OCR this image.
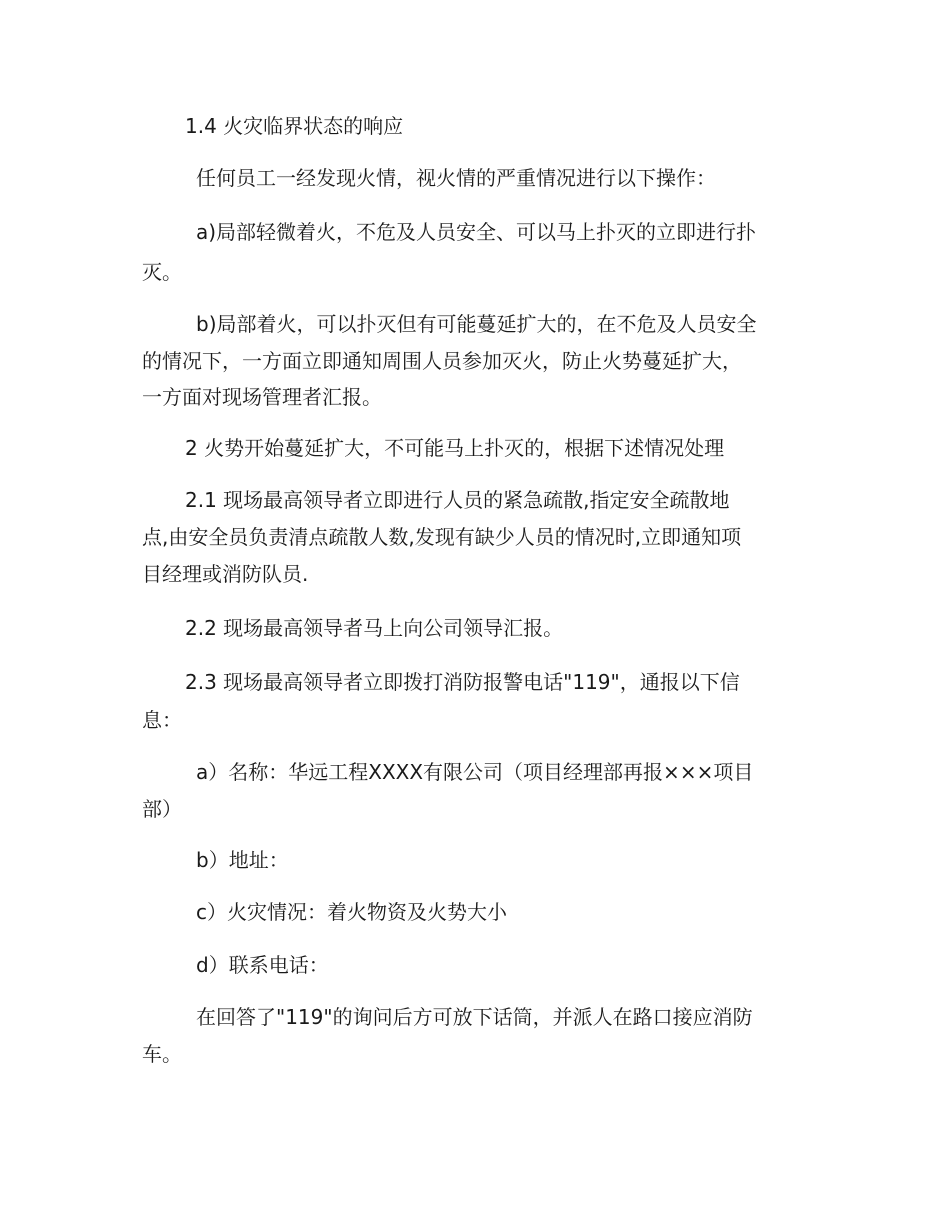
1.4 火灾临界状态的响应
任何员工一经发现火情，视火情的严重情况进行以下操作：
a)局部轻微着火，不危及人员安全、可以马上扑灭的立即进行扑
灭。
b)局部着火，可以扑灭但有可能蔓延扩大的，在不危及人员安全
的情况下，一方面立即通知周围人员参加灭火，防止火势蔓延扩大，
一方面对现场管理者汇报。
2 火势开始蔓延扩大，不可能马上扑灭的，根据下述情况处理
2.1 现场最高领导者立即进行人员的紧急疏散,指定安全疏散地
点,由安全员负责清点疏散人数,发现有缺少人员的情况时,立即通知项
目经理或消防队员.
2.2 现场最高领导者马上向公司领导汇报。
2.3 现场最高领导者立即拨打消防报警电话"119"，通报以下信
息：
a）名称：华远工程XXXX有限公司（项目经理部再报×××项目
部）
b）地址：
c）火灾情况：着火物资及火势大小
d）联系电话：
在回答了"119"的询问后方可放下话筒，并派人在路口接应消防
车。
